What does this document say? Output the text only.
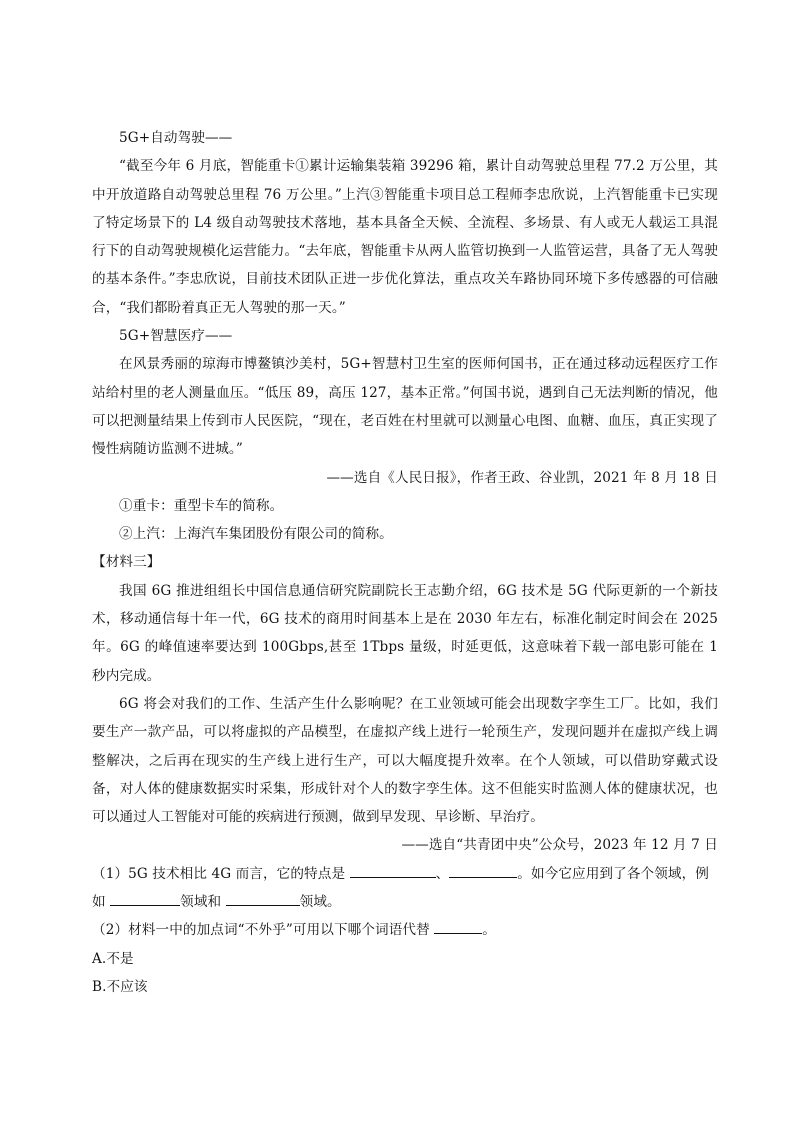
5G+自动驾驶——

“截至今年 6 月底，智能重卡①累计运输集装箱 39296 箱，累计自动驾驶总里程 77.2 万公里，其中开放道路自动驾驶总里程 76 万公里。”上汽③智能重卡项目总工程师李忠欣说，上汽智能重卡已实现了特定场景下的 L4 级自动驾驶技术落地，基本具备全天候、全流程、多场景、有人或无人载运工具混行下的自动驾驶规模化运营能力。“去年底，智能重卡从两人监管切换到一人监管运营，具备了无人驾驶的基本条件。”李忠欣说，目前技术团队正进一步优化算法，重点攻关车路协同环境下多传感器的可信融合，“我们都盼着真正无人驾驶的那一天。”

5G+智慧医疗——

在风景秀丽的琼海市博鳌镇沙美村，5G+智慧村卫生室的医师何国书，正在通过移动远程医疗工作站给村里的老人测量血压。“低压 89，高压 127，基本正常。”何国书说，遇到自己无法判断的情况，他可以把测量结果上传到市人民医院，“现在，老百姓在村里就可以测量心电图、血糖、血压，真正实现了慢性病随访监测不进城。”

——选自《人民日报》，作者王政、谷业凯，2021 年 8 月 18 日

①重卡：重型卡车的简称。

②上汽：上海汽车集团股份有限公司的简称。

【材料三】

我国 6G 推进组组长中国信息通信研究院副院长王志勤介绍，6G 技术是 5G 代际更新的一个新技术，移动通信每十年一代，6G 技术的商用时间基本上是在 2030 年左右，标准化制定时间会在 2025 年。6G 的峰值速率要达到 100Gbps,甚至 1Tbps 量级，时延更低，这意味着下载一部电影可能在 1 秒内完成。

6G 将会对我们的工作、生活产生什么影响呢？在工业领域可能会出现数字孪生工厂。比如，我们要生产一款产品，可以将虚拟的产品模型，在虚拟产线上进行一轮预生产，发现问题并在虚拟产线上调整解决，之后再在现实的生产线上进行生产，可以大幅度提升效率。在个人领域，可以借助穿戴式设备，对人体的健康数据实时采集，形成针对个人的数字孪生体。这不但能实时监测人体的健康状况，也可以通过人工智能对可能的疾病进行预测，做到早发现、早诊断、早治疗。

——选自“共青团中央”公众号，2023 年 12 月 7 日

（1）5G 技术相比 4G 而言，它的特点是	、	。如今它应用到了各个领域，例
如	领域和	领域。

（2）材料一中的加点词“不外乎”可用以下哪个词语代替	。

A.不是

B.不应该
